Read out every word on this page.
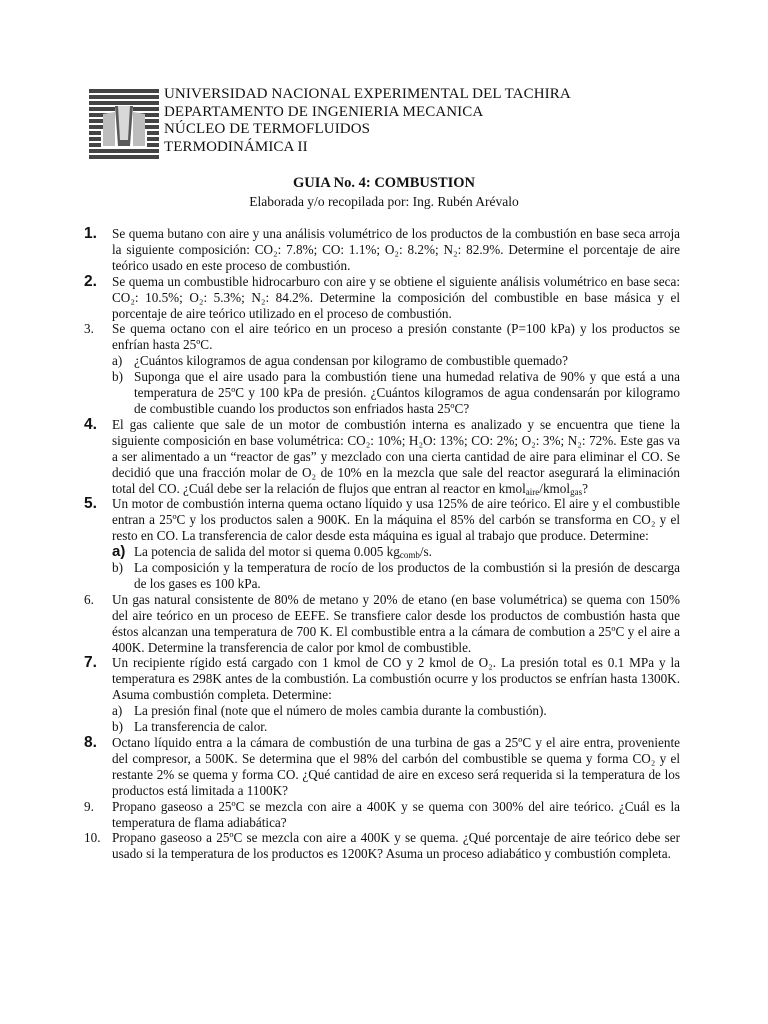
UNIVERSIDAD NACIONAL EXPERIMENTAL DEL TACHIRA
DEPARTAMENTO DE INGENIERIA MECANICA
NÚCLEO DE TERMOFLUIDOS
TERMODINÁMICA II
GUIA No. 4: COMBUSTION
Elaborada y/o recopilada por: Ing. Rubén Arévalo
1.	Se quema butano con aire y una análisis volumétrico de los productos de la combustión en base seca arroja la siguiente composición: CO₂: 7.8%; CO: 1.1%; O₂: 8.2%; N₂: 82.9%. Determine el porcentaje de aire teórico usado en este proceso de combustión.
2.	Se quema un combustible hidrocarburo con aire y se obtiene el siguiente análisis volumétrico en base seca: CO₂: 10.5%; O₂: 5.3%; N₂: 84.2%. Determine la composición del combustible en base másica y el porcentaje de aire teórico utilizado en el proceso de combustión.
3.	Se quema octano con el aire teórico en un proceso a presión constante (P=100 kPa) y los productos se enfrían hasta 25ºC.
a) ¿Cuántos kilogramos de agua condensan por kilogramo de combustible quemado?
b) Suponga que el aire usado para la combustión tiene una humedad relativa de 90% y que está a una temperatura de 25ºC y 100 kPa de presión. ¿Cuántos kilogramos de agua condensarán por kilogramo de combustible cuando los productos son enfriados hasta 25ºC?
4.	El gas caliente que sale de un motor de combustión interna es analizado y se encuentra que tiene la siguiente composición en base volumétrica: CO₂: 10%; H₂O: 13%; CO: 2%; O₂: 3%; N₂: 72%. Este gas va a ser alimentado a un “reactor de gas” y mezclado con una cierta cantidad de aire para eliminar el CO. Se decidió que una fracción molar de O₂ de 10% en la mezcla que sale del reactor asegurará la eliminación total del CO. ¿Cuál debe ser la relación de flujos que entran al reactor en kmol$_{aire}$/kmol$_{gas}$?
5.	Un motor de combustión interna quema octano líquido y usa 125% de aire teórico. El aire y el combustible entran a 25ºC y los productos salen a 900K. En la máquina el 85% del carbón se transforma en CO₂ y el resto en CO. La transferencia de calor desde esta máquina es igual al trabajo que produce. Determine:
a) La potencia de salida del motor si quema 0.005 $kg_{comb}/s$.
b) La composición y la temperatura de rocío de los productos de la combustión si la presión de descarga de los gases es 100 kPa.
6.	Un gas natural consistente de 80% de metano y 20% de etano (en base volumétrica) se quema con 150% del aire teórico en un proceso de EEFE. Se transfiere calor desde los productos de combustión hasta que éstos alcanzan una temperatura de 700 K. El combustible entra a la cámara de combution a 25ºC y el aire a 400K. Determine la transferencia de calor por kmol de combustible.
7.	Un recipiente rígido está cargado con 1 kmol de CO y 2 kmol de O₂. La presión total es 0.1 MPa y la temperatura es 298K antes de la combustión. La combustión ocurre y los productos se enfrían hasta 1300K. Asuma combustión completa. Determine:
a) La presión final (note que el número de moles cambia durante la combustión).
b) La transferencia de calor.
8.	Octano líquido entra a la cámara de combustión de una turbina de gas a 25ºC y el aire entra, proveniente del compresor, a 500K. Se determina que el 98% del carbón del combustible se quema y forma CO₂ y el restante 2% se quema y forma CO. ¿Qué cantidad de aire en exceso será requerida si la temperatura de los productos está limitada a 1100K?
9.	Propano gaseoso a 25ºC se mezcla con aire a 400K y se quema con 300% del aire teórico. ¿Cuál es la temperatura de flama adiabática?
10. Propano gaseoso a 25ºC se mezcla con aire a 400K y se quema. ¿Qué porcentaje de aire teórico debe ser usado si la temperatura de los productos es 1200K? Asuma un proceso adiabático y combustión completa.
